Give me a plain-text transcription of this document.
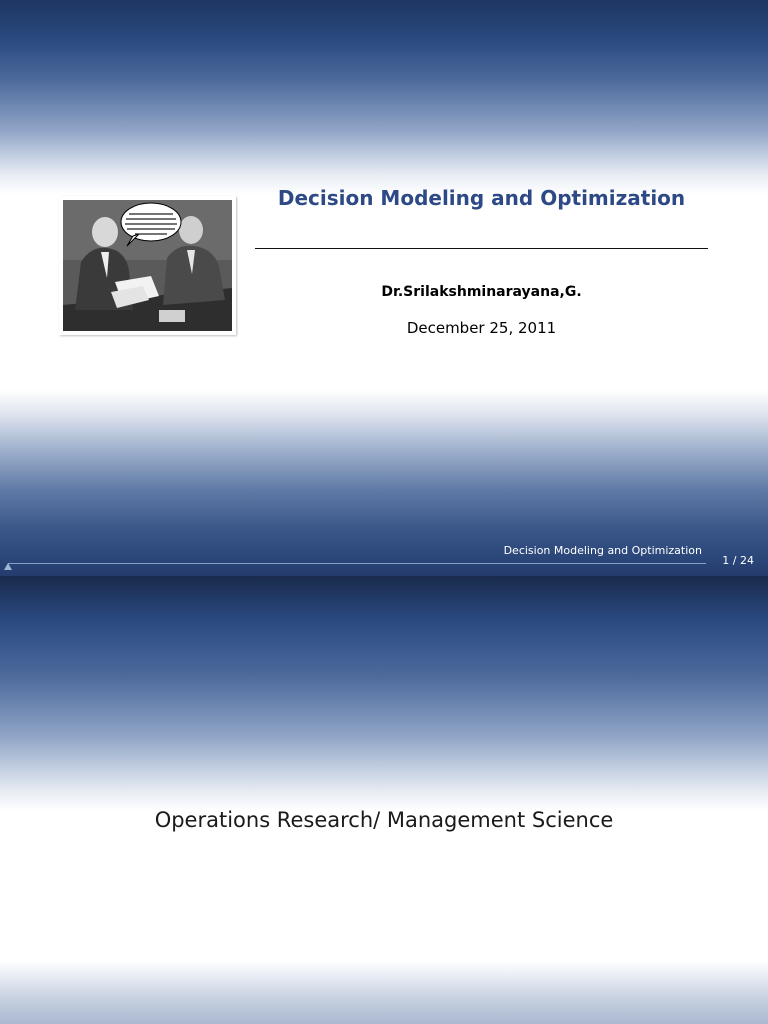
Decision Modeling and Optimization
Dr.Srilakshminarayana,G.
December 25, 2011
Decision Modeling and Optimization
1 / 24
Operations Research/ Management Science
